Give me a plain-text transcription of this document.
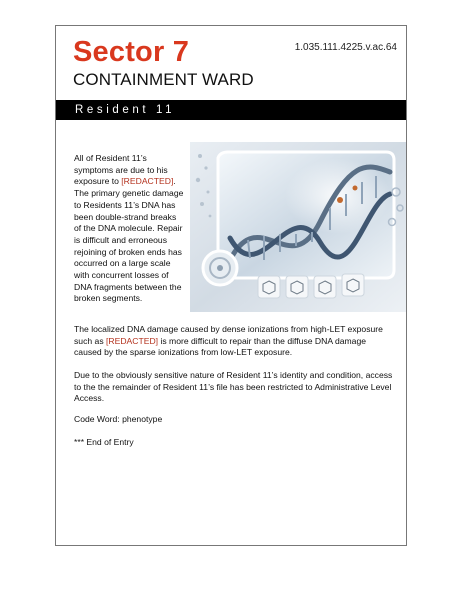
Sector 7
CONTAINMENT WARD
1.035.111.4225.v.ac.64
Resident 11
All of Resident 11’s symptoms are due to his exposure to [REDACTED]. The primary genetic damage to Residents 11’s DNA has been double-strand breaks of the DNA molecule. Repair is difficult and erroneous rejoining of broken ends has occurred on a large scale with concurrent losses of DNA fragments between the broken segments.
The localized DNA damage caused by dense ionizations from high-LET exposure such as [REDACTED] is more difficult to repair than the diffuse DNA damage caused by the sparse ionizations from low-LET exposure.
Due to the obviously sensitive nature of Resident 11’s identity and condition, access to the the remainder of Resident 11’s file has been restricted to Administrative Level Access.
Code Word: phenotype
*** End of Entry
